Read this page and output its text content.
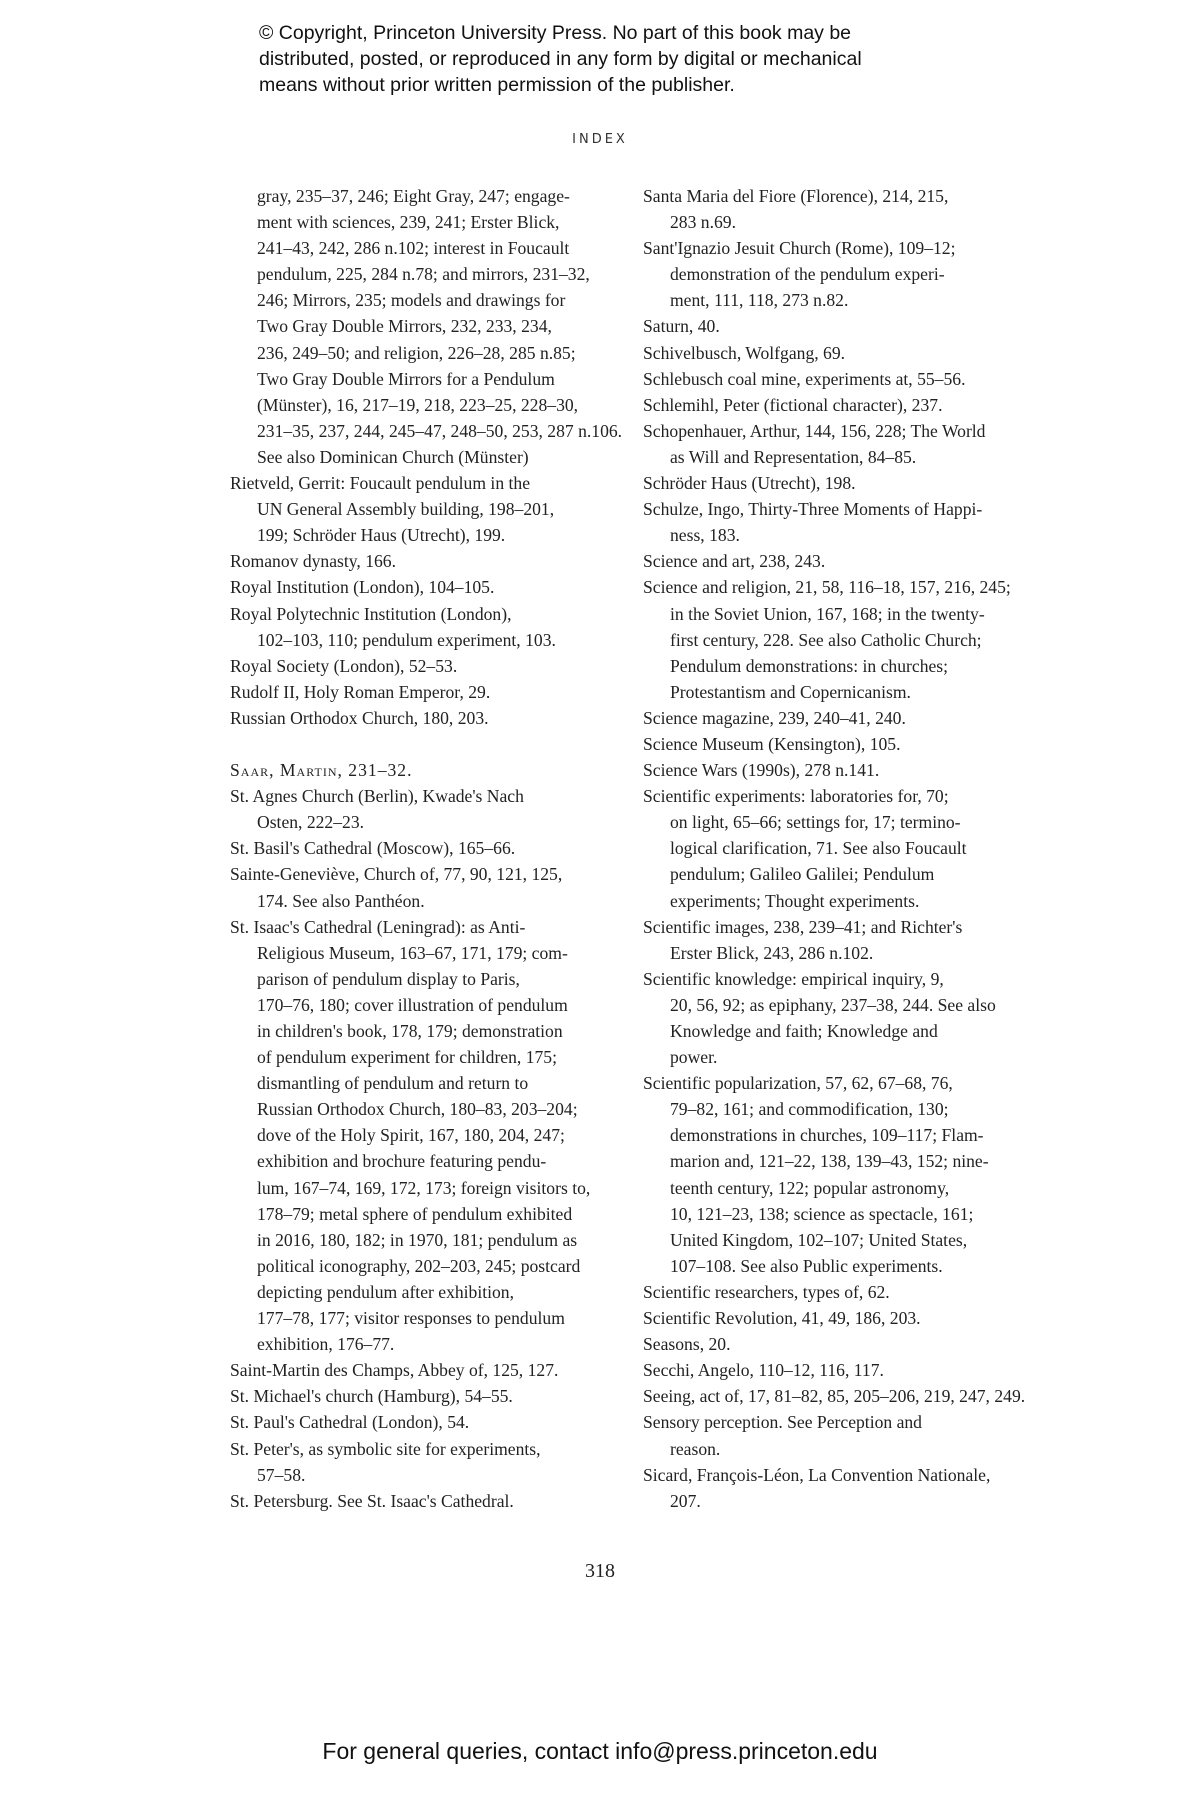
© Copyright, Princeton University Press. No part of this book may be
distributed, posted, or reproduced in any form by digital or mechanical
means without prior written permission of the publisher.
INDEX
gray, 235–37, 246; Eight Gray, 247; engage-
ment with sciences, 239, 241; Erster Blick,
241–43, 242, 286 n.102; interest in Foucault
pendulum, 225, 284 n.78; and mirrors, 231–32,
246; Mirrors, 235; models and drawings for
Two Gray Double Mirrors, 232, 233, 234,
236, 249–50; and religion, 226–28, 285 n.85;
Two Gray Double Mirrors for a Pendulum
(Münster), 16, 217–19, 218, 223–25, 228–30,
231–35, 237, 244, 245–47, 248–50, 253, 287 n.106.
See also Dominican Church (Münster)
Rietveld, Gerrit: Foucault pendulum in the
UN General Assembly building, 198–201,
199; Schröder Haus (Utrecht), 199.
Romanov dynasty, 166.
Royal Institution (London), 104–105.
Royal Polytechnic Institution (London),
102–103, 110; pendulum experiment, 103.
Royal Society (London), 52–53.
Rudolf II, Holy Roman Emperor, 29.
Russian Orthodox Church, 180, 203.
Saar, Martin, 231–32.
St. Agnes Church (Berlin), Kwade's Nach
Osten, 222–23.
St. Basil's Cathedral (Moscow), 165–66.
Sainte-Geneviève, Church of, 77, 90, 121, 125,
174. See also Panthéon.
St. Isaac's Cathedral (Leningrad): as Anti-
Religious Museum, 163–67, 171, 179; com-
parison of pendulum display to Paris,
170–76, 180; cover illustration of pendulum
in children's book, 178, 179; demonstration
of pendulum experiment for children, 175;
dismantling of pendulum and return to
Russian Orthodox Church, 180–83, 203–204;
dove of the Holy Spirit, 167, 180, 204, 247;
exhibition and brochure featuring pendu-
lum, 167–74, 169, 172, 173; foreign visitors to,
178–79; metal sphere of pendulum exhibited
in 2016, 180, 182; in 1970, 181; pendulum as
political iconography, 202–203, 245; postcard
depicting pendulum after exhibition,
177–78, 177; visitor responses to pendulum
exhibition, 176–77.
Saint-Martin des Champs, Abbey of, 125, 127.
St. Michael's church (Hamburg), 54–55.
St. Paul's Cathedral (London), 54.
St. Peter's, as symbolic site for experiments,
57–58.
St. Petersburg. See St. Isaac's Cathedral.
Santa Maria del Fiore (Florence), 214, 215,
283 n.69.
Sant'Ignazio Jesuit Church (Rome), 109–12;
demonstration of the pendulum experi-
ment, 111, 118, 273 n.82.
Saturn, 40.
Schivelbusch, Wolfgang, 69.
Schlebusch coal mine, experiments at, 55–56.
Schlemihl, Peter (fictional character), 237.
Schopenhauer, Arthur, 144, 156, 228; The World
as Will and Representation, 84–85.
Schröder Haus (Utrecht), 198.
Schulze, Ingo, Thirty-Three Moments of Happi-
ness, 183.
Science and art, 238, 243.
Science and religion, 21, 58, 116–18, 157, 216, 245;
in the Soviet Union, 167, 168; in the twenty-
first century, 228. See also Catholic Church;
Pendulum demonstrations: in churches;
Protestantism and Copernicanism.
Science magazine, 239, 240–41, 240.
Science Museum (Kensington), 105.
Science Wars (1990s), 278 n.141.
Scientific experiments: laboratories for, 70;
on light, 65–66; settings for, 17; termino-
logical clarification, 71. See also Foucault
pendulum; Galileo Galilei; Pendulum
experiments; Thought experiments.
Scientific images, 238, 239–41; and Richter's
Erster Blick, 243, 286 n.102.
Scientific knowledge: empirical inquiry, 9,
20, 56, 92; as epiphany, 237–38, 244. See also
Knowledge and faith; Knowledge and
power.
Scientific popularization, 57, 62, 67–68, 76,
79–82, 161; and commodification, 130;
demonstrations in churches, 109–117; Flam-
marion and, 121–22, 138, 139–43, 152; nine-
teenth century, 122; popular astronomy,
10, 121–23, 138; science as spectacle, 161;
United Kingdom, 102–107; United States,
107–108. See also Public experiments.
Scientific researchers, types of, 62.
Scientific Revolution, 41, 49, 186, 203.
Seasons, 20.
Secchi, Angelo, 110–12, 116, 117.
Seeing, act of, 17, 81–82, 85, 205–206, 219, 247, 249.
Sensory perception. See Perception and
reason.
Sicard, François-Léon, La Convention Nationale,
207.
318
For general queries, contact info@press.princeton.edu
